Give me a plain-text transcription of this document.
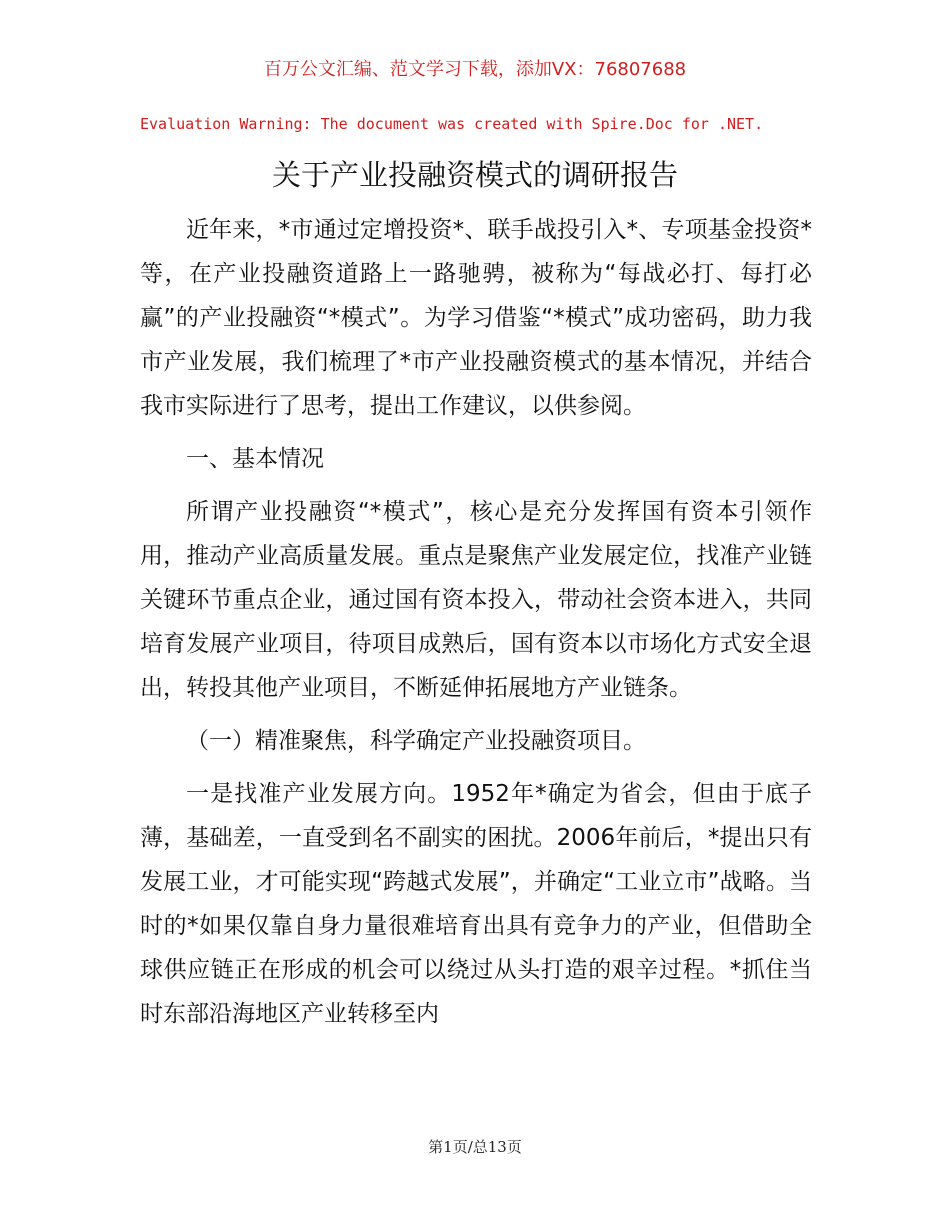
百万公文汇编、范文学习下载，添加VX：76807688
Evaluation Warning: The document was created with Spire.Doc for .NET.
关于产业投融资模式的调研报告

近年来，*市通过定增投资*、联手战投引入*、专项基金投资*等，在产业投融资道路上一路驰骋，被称为“每战必打、每打必赢”的产业投融资“*模式”。为学习借鉴“*模式”成功密码，助力我市产业发展，我们梳理了*市产业投融资模式的基本情况，并结合我市实际进行了思考，提出工作建议，以供参阅。

一、基本情况

所谓产业投融资“*模式”，核心是充分发挥国有资本引领作用，推动产业高质量发展。重点是聚焦产业发展定位，找准产业链关键环节重点企业，通过国有资本投入，带动社会资本进入，共同培育发展产业项目，待项目成熟后，国有资本以市场化方式安全退出，转投其他产业项目，不断延伸拓展地方产业链条。

（一）精准聚焦，科学确定产业投融资项目。

一是找准产业发展方向。1952年*确定为省会，但由于底子薄，基础差，一直受到名不副实的困扰。2006年前后，*提出只有发展工业，才可能实现“跨越式发展”，并确定“工业立市”战略。当时的*如果仅靠自身力量很难培育出具有竞争力的产业，但借助全球供应链正在形成的机会可以绕过从头打造的艰辛过程。*抓住当时东部沿海地区产业转移至内

第1页/总13页
